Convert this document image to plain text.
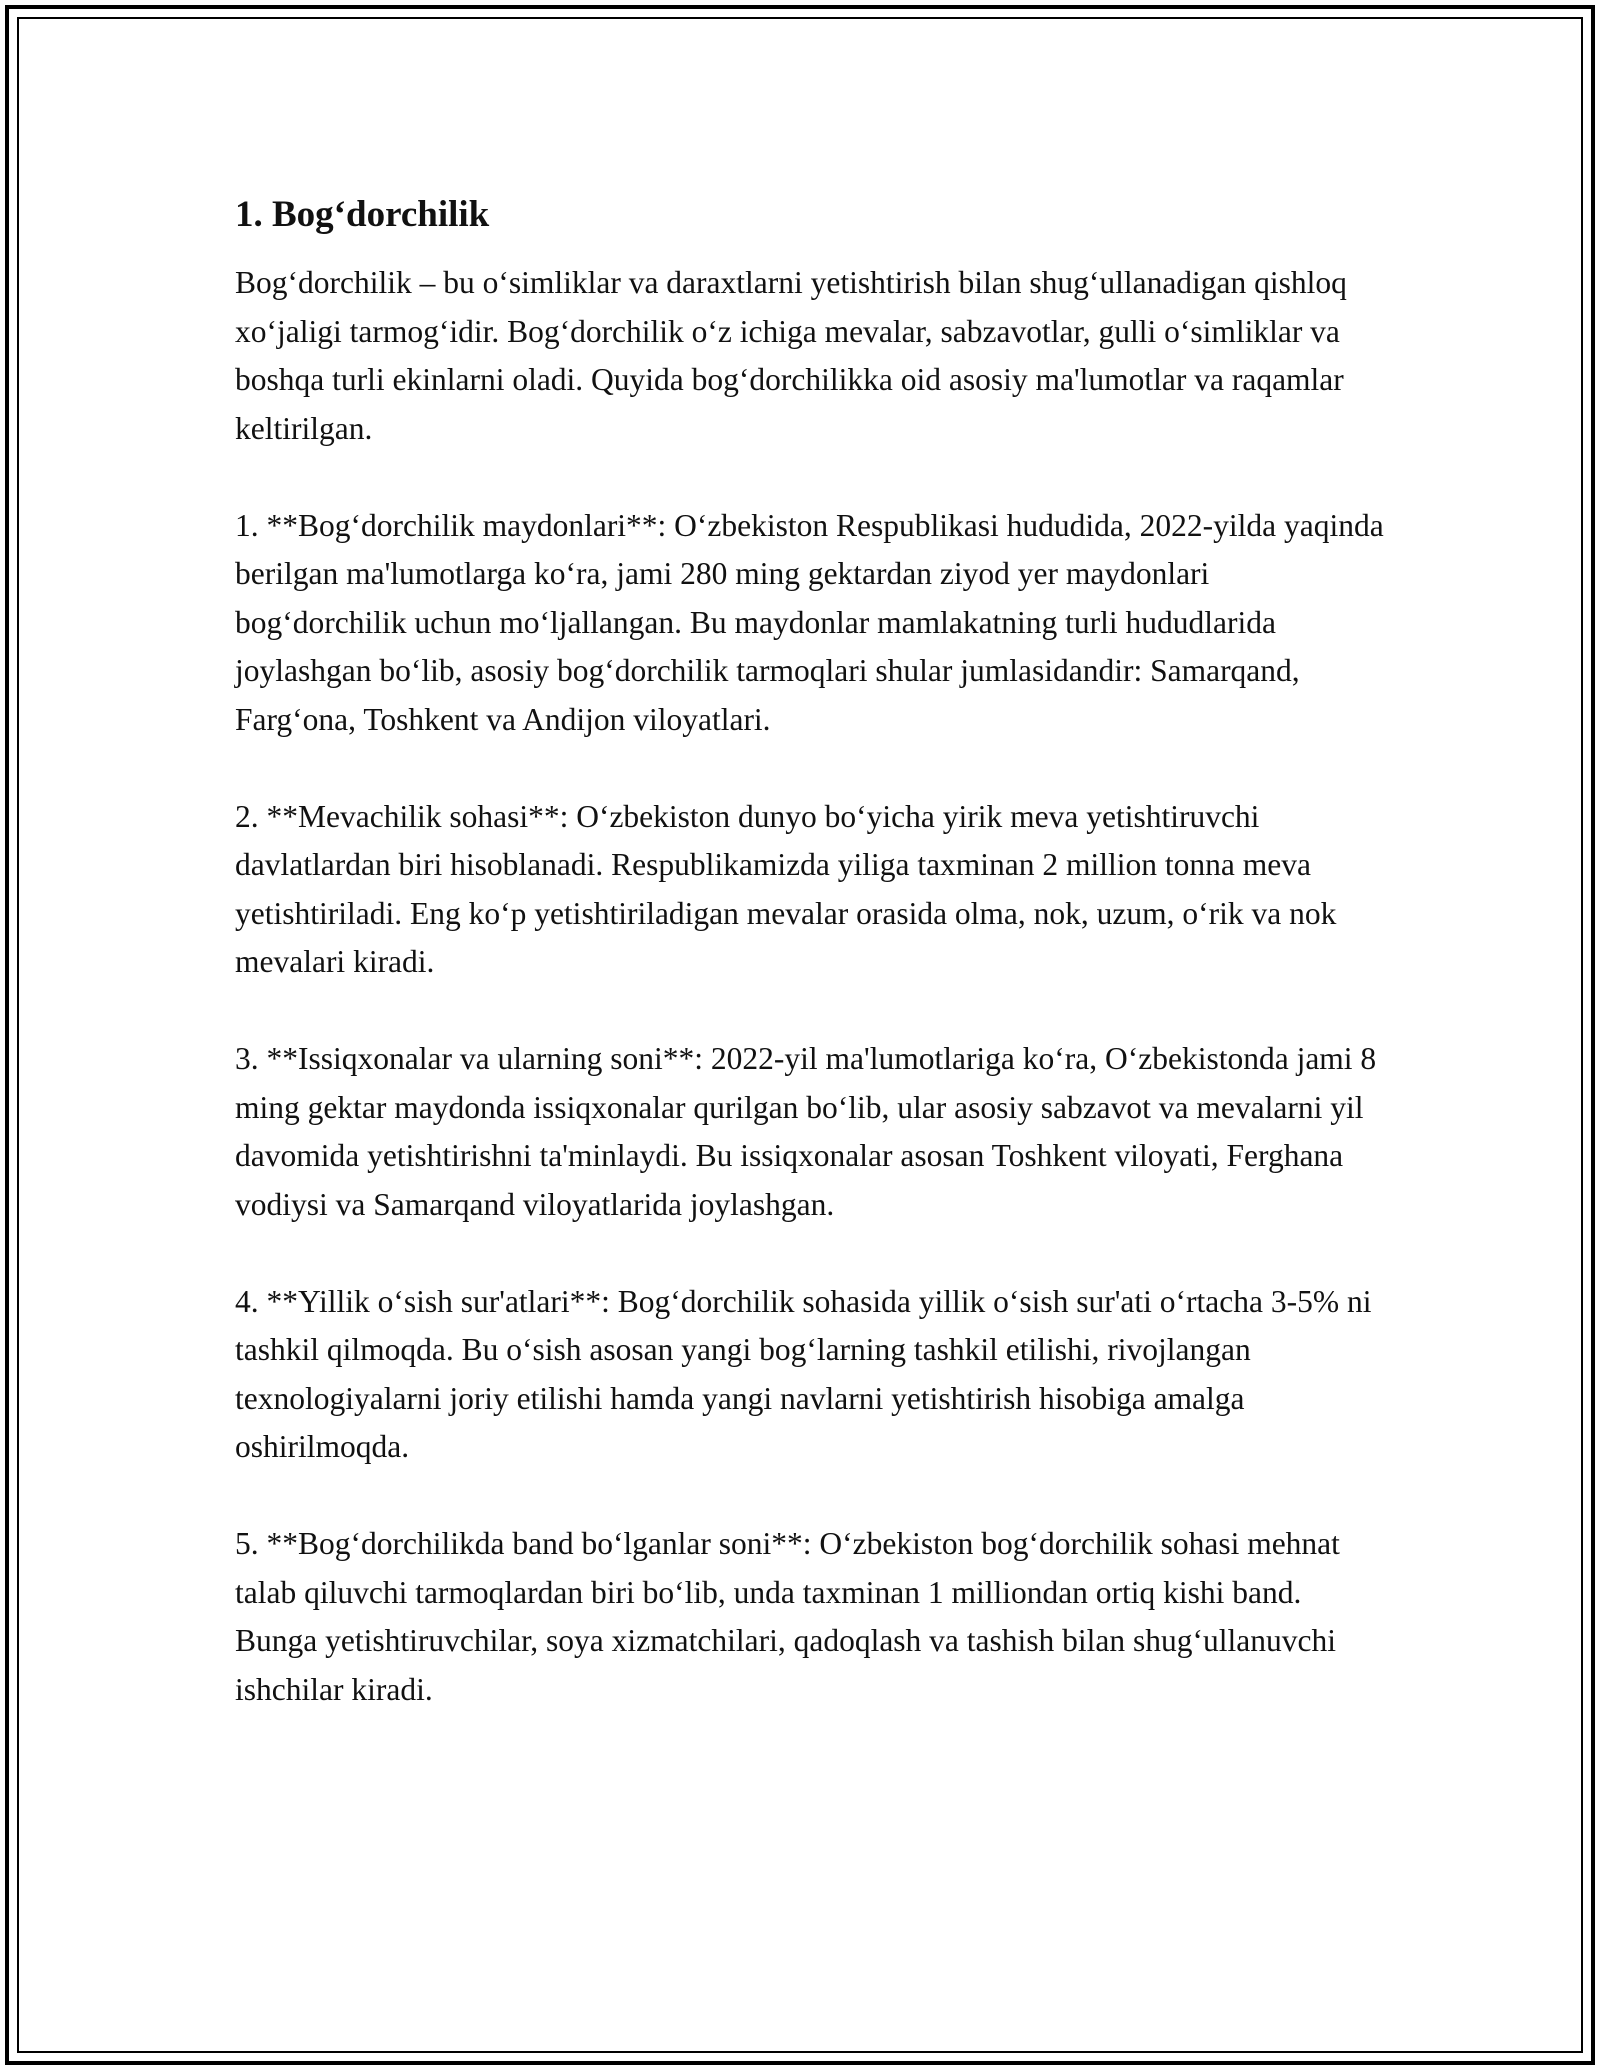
1. Bog‘dorchilik

Bog‘dorchilik – bu o‘simliklar va daraxtlarni yetishtirish bilan shug‘ullanadigan qishloq xo‘jaligi tarmog‘idir. Bog‘dorchilik o‘z ichiga mevalar, sabzavotlar, gulli o‘simliklar va boshqa turli ekinlarni oladi. Quyida bog‘dorchilikka oid asosiy ma'lumotlar va raqamlar keltirilgan.

1. **Bog‘dorchilik maydonlari**: O‘zbekiston Respublikasi hududida, 2022-yilda yaqinda berilgan ma'lumotlarga ko‘ra, jami 280 ming gektardan ziyod yer maydonlari bog‘dorchilik uchun mo‘ljallangan. Bu maydonlar mamlakatning turli hududlarida joylashgan bo‘lib, asosiy bog‘dorchilik tarmoqlari shular jumlasidandir: Samarqand, Farg‘ona, Toshkent va Andijon viloyatlari.

2. **Mevachilik sohasi**: O‘zbekiston dunyo bo‘yicha yirik meva yetishtiruvchi davlatlardan biri hisoblanadi. Respublikamizda yiliga taxminan 2 million tonna meva yetishtiriladi. Eng ko‘p yetishtiriladigan mevalar orasida olma, nok, uzum, o‘rik va nok mevalari kiradi.

3. **Issiqxonalar va ularning soni**: 2022-yil ma'lumotlariga ko‘ra, O‘zbekistonda jami 8 ming gektar maydonda issiqxonalar qurilgan bo‘lib, ular asosiy sabzavot va mevalarni yil davomida yetishtirishni ta'minlaydi. Bu issiqxonalar asosan Toshkent viloyati, Ferghana vodiysi va Samarqand viloyatlarida joylashgan.

4. **Yillik o‘sish sur'atlari**: Bog‘dorchilik sohasida yillik o‘sish sur'ati o‘rtacha 3-5% ni tashkil qilmoqda. Bu o‘sish asosan yangi bog‘larning tashkil etilishi, rivojlangan texnologiyalarni joriy etilishi hamda yangi navlarni yetishtirish hisobiga amalga oshirilmoqda.

5. **Bog‘dorchilikda band bo‘lganlar soni**: O‘zbekiston bog‘dorchilik sohasi mehnat talab qiluvchi tarmoqlardan biri bo‘lib, unda taxminan 1 milliondan ortiq kishi band. Bunga yetishtiruvchilar, soya xizmatchilari, qadoqlash va tashish bilan shug‘ullanuvchi ishchilar kiradi.
